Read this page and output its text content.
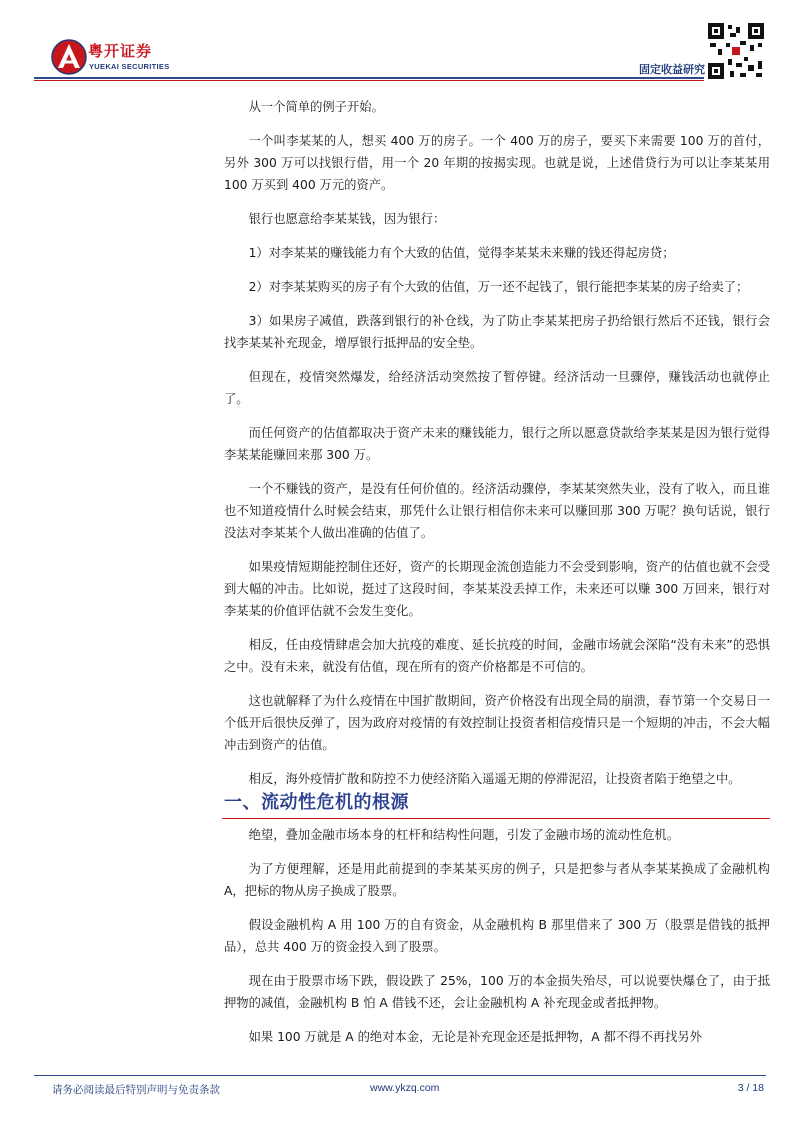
粤开证券
YUEKAI SECURITIES	固定收益研究

从一个简单的例子开始。

一个叫李某某的人，想买 400 万的房子。一个 400 万的房子，要买下来需要 100 万的首付，另外 300 万可以找银行借，用一个 20 年期的按揭实现。也就是说，上述借贷行为可以让李某某用 100 万买到 400 万元的资产。

银行也愿意给李某某钱，因为银行：

1）对李某某的赚钱能力有个大致的估值，觉得李某某未来赚的钱还得起房贷；

2）对李某某购买的房子有个大致的估值，万一还不起钱了，银行能把李某某的房子给卖了；

3）如果房子减值，跌落到银行的补仓线，为了防止李某某把房子扔给银行然后不还钱，银行会找李某某补充现金，增厚银行抵押品的安全垫。

但现在，疫情突然爆发，给经济活动突然按了暂停键。经济活动一旦骤停，赚钱活动也就停止了。

而任何资产的估值都取决于资产未来的赚钱能力，银行之所以愿意贷款给李某某是因为银行觉得李某某能赚回来那 300 万。

一个不赚钱的资产，是没有任何价值的。经济活动骤停，李某某突然失业，没有了收入，而且谁也不知道疫情什么时候会结束，那凭什么让银行相信你未来可以赚回那 300 万呢？换句话说，银行没法对李某某个人做出准确的估值了。

如果疫情短期能控制住还好，资产的长期现金流创造能力不会受到影响，资产的估值也就不会受到大幅的冲击。比如说，挺过了这段时间，李某某没丢掉工作，未来还可以赚 300 万回来，银行对李某某的价值评估就不会发生变化。

相反，任由疫情肆虐会加大抗疫的难度、延长抗疫的时间，金融市场就会深陷“没有未来”的恐惧之中。没有未来，就没有估值，现在所有的资产价格都是不可信的。

这也就解释了为什么疫情在中国扩散期间，资产价格没有出现全局的崩溃，春节第一个交易日一个低开后很快反弹了，因为政府对疫情的有效控制让投资者相信疫情只是一个短期的冲击，不会大幅冲击到资产的估值。

相反，海外疫情扩散和防控不力使经济陷入遥遥无期的停滞泥沼，让投资者陷于绝望之中。

一、流动性危机的根源

绝望，叠加金融市场本身的杠杆和结构性问题，引发了金融市场的流动性危机。

为了方便理解，还是用此前提到的李某某买房的例子，只是把参与者从李某某换成了金融机构 A，把标的物从房子换成了股票。

假设金融机构 A 用 100 万的自有资金，从金融机构 B 那里借来了 300 万（股票是借钱的抵押品），总共 400 万的资金投入到了股票。

现在由于股票市场下跌，假设跌了 25%，100 万的本金损失殆尽，可以说要快爆仓了，由于抵押物的减值，金融机构 B 怕 A 借钱不还，会让金融机构 A 补充现金或者抵押物。

如果 100 万就是 A 的绝对本金，无论是补充现金还是抵押物，A 都不得不再找另外

请务必阅读最后特别声明与免责条款	www.ykzq.com	3 / 18
